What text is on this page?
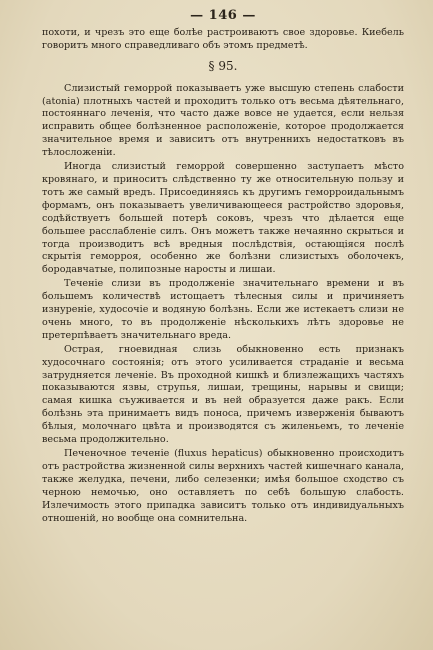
— 146 —

похоти, и чрезъ это еще болѣе растроиваютъ свое здоровье. Киебель говоритъ много справедливаго объ этомъ предметѣ.

§ 95.

Слизистый геморрой показываетъ уже высшую степень слабости (atonia) плотныхъ частей и проходитъ только отъ весьма дѣятельнаго, постояннаго леченія, что часто даже вовсе не удается, если нельзя исправить общее болѣзненное расположеніе, которое продолжается значительное время и зависитъ отъ внутреннихъ недостатковъ въ тѣлосложеніи.

Иногда слизистый геморрой совершенно заступаетъ мѣсто кровянаго, и приноситъ слѣдственно ту же относительную пользу и тотъ же самый вредъ. Присоединяясь къ другимъ геморроидальнымъ формамъ, онъ показываетъ увеличивающееся растройство здоровья, содѣйствуетъ большей потерѣ соковъ, чрезъ что дѣлается еще большее расслабленіе силъ. Онъ можетъ также нечаянно скрыться и тогда производитъ всѣ вредныя послѣдствія, остающіяся послѣ скрытія геморроя, особенно же болѣзни слизистыхъ оболочекъ, бородавчатые, полипозные наросты и лишаи.

Теченіе слизи въ продолженіе значительнаго времени и въ большемъ количествѣ истощаетъ тѣлесныя силы и причиняетъ изнуреніе, худосочіе и водяную болѣзнь. Если же истекаетъ слизи не очень много, то въ продолженіе нѣсколькихъ лѣтъ здоровье не претерпѣваетъ значительнаго вреда.

Острая, гноевидная слизь обыкновенно есть признакъ худосочнаго состоянія; отъ этого усиливается страданіе и весьма затрудняется леченіе. Въ проходной кишкѣ и близлежащихъ частяхъ показываются язвы, струпья, лишаи, трещины, нарывы и свищи; самая кишка съуживается и въ ней образуется даже ракъ. Если болѣзнь эта принимаетъ видъ поноса, причемъ изверженія бываютъ бѣлыя, молочнаго цвѣта и производятся съ жиленьемъ, то леченіе весьма продолжительно.

Печеночное теченіе (fluxus hepaticus) обыкновенно происходитъ отъ растройства жизненной силы верхнихъ частей кишечнаго канала, также желудка, печени, либо селезенки; имѣя большое сходство съ черною немочью, оно оставляетъ по себѣ большую слабость. Излечимость этого припадка зависитъ только отъ индивидуальныхъ отношеній, но вообще она сомнительна.
